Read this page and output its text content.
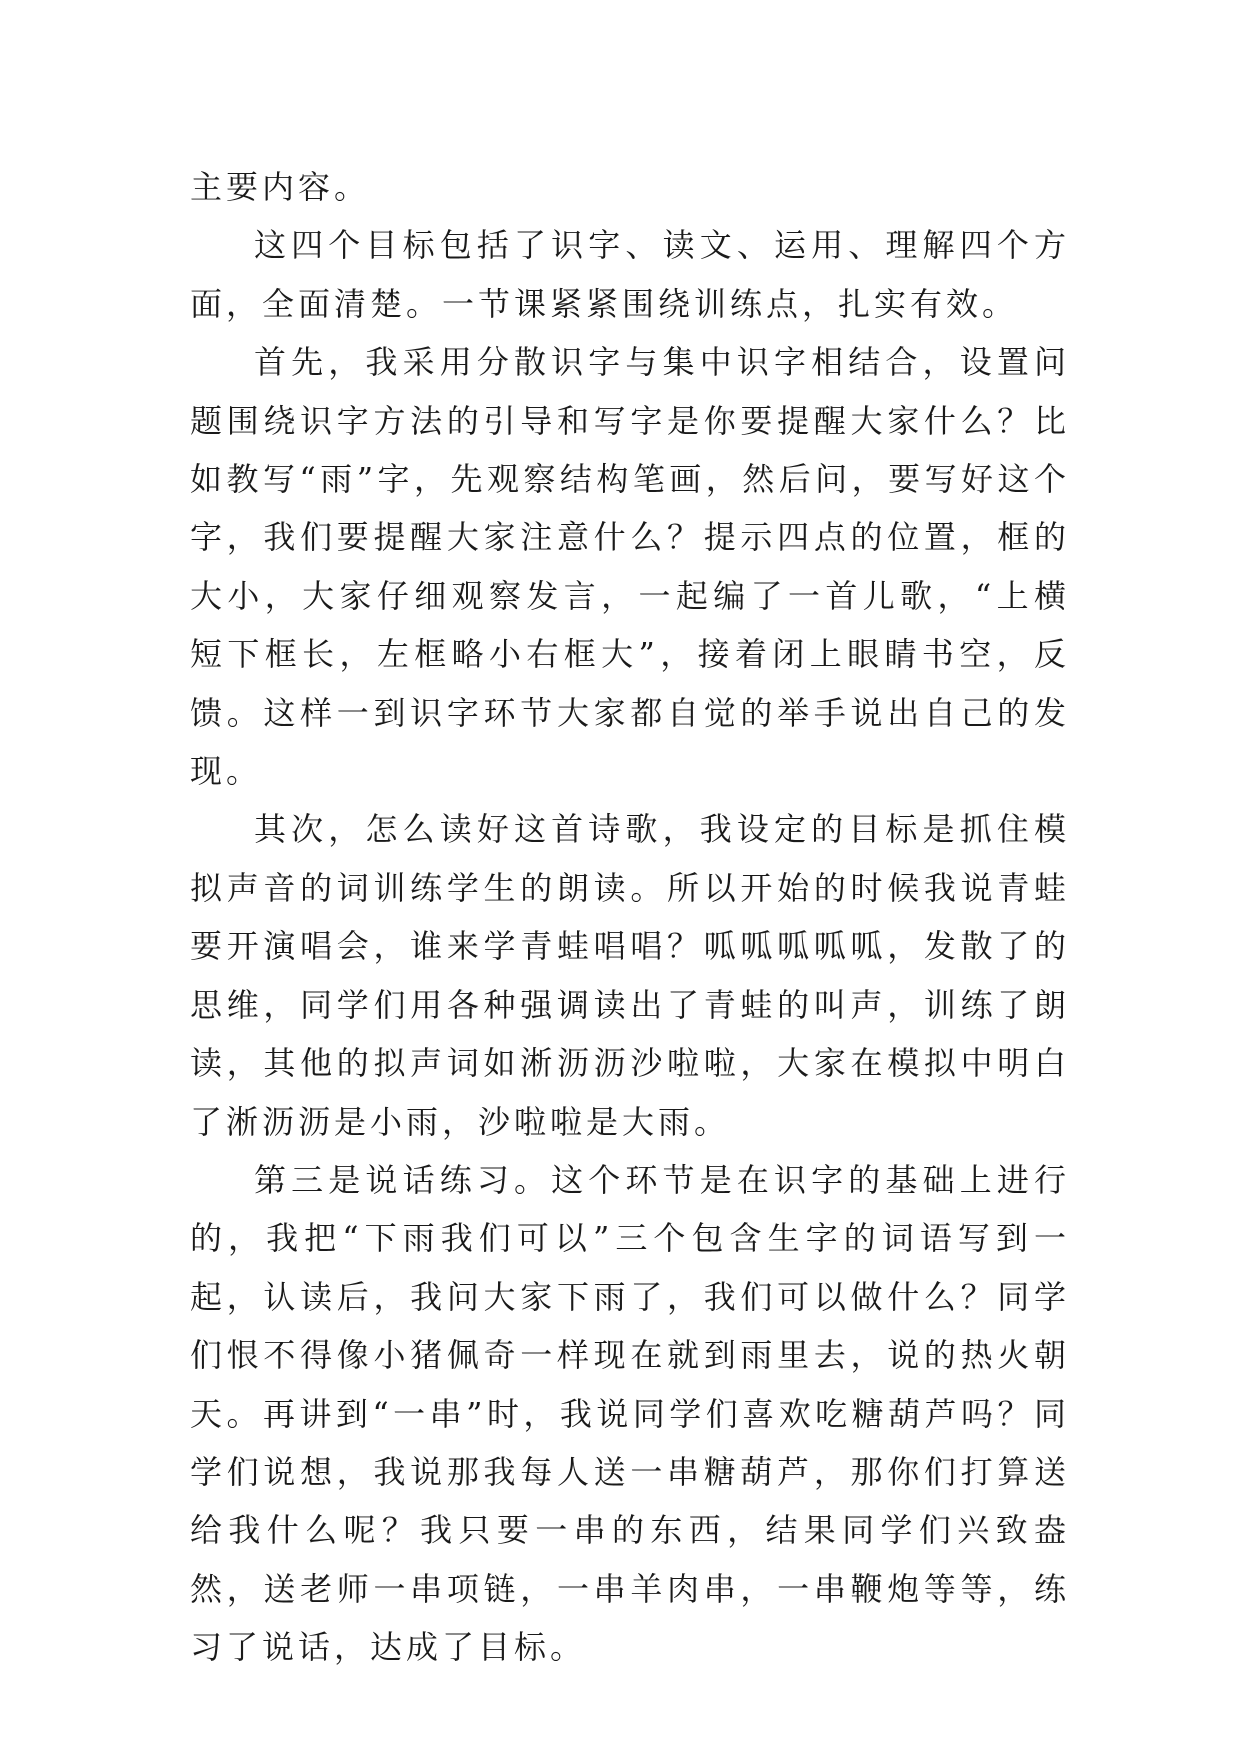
主要内容。

这四个目标包括了识字、读文、运用、理解四个方面，全面清楚。一节课紧紧围绕训练点，扎实有效。

首先，我采用分散识字与集中识字相结合，设置问题围绕识字方法的引导和写字是你要提醒大家什么？比如教写“雨”字，先观察结构笔画，然后问，要写好这个字，我们要提醒大家注意什么？提示四点的位置，框的大小，大家仔细观察发言，一起编了一首儿歌，“上横短下框长，左框略小右框大”，接着闭上眼睛书空，反馈。这样一到识字环节大家都自觉的举手说出自己的发现。

其次，怎么读好这首诗歌，我设定的目标是抓住模拟声音的词训练学生的朗读。所以开始的时候我说青蛙要开演唱会，谁来学青蛙唱唱？呱呱呱呱呱，发散了的思维，同学们用各种强调读出了青蛙的叫声，训练了朗读，其他的拟声词如淅沥沥沙啦啦，大家在模拟中明白了淅沥沥是小雨，沙啦啦是大雨。

第三是说话练习。这个环节是在识字的基础上进行的，我把“下雨我们可以”三个包含生字的词语写到一起，认读后，我问大家下雨了，我们可以做什么？同学们恨不得像小猪佩奇一样现在就到雨里去，说的热火朝天。再讲到“一串”时，我说同学们喜欢吃糖葫芦吗？同学们说想，我说那我每人送一串糖葫芦，那你们打算送给我什么呢？我只要一串的东西，结果同学们兴致盎然，送老师一串项链，一串羊肉串，一串鞭炮等等，练习了说话，达成了目标。
